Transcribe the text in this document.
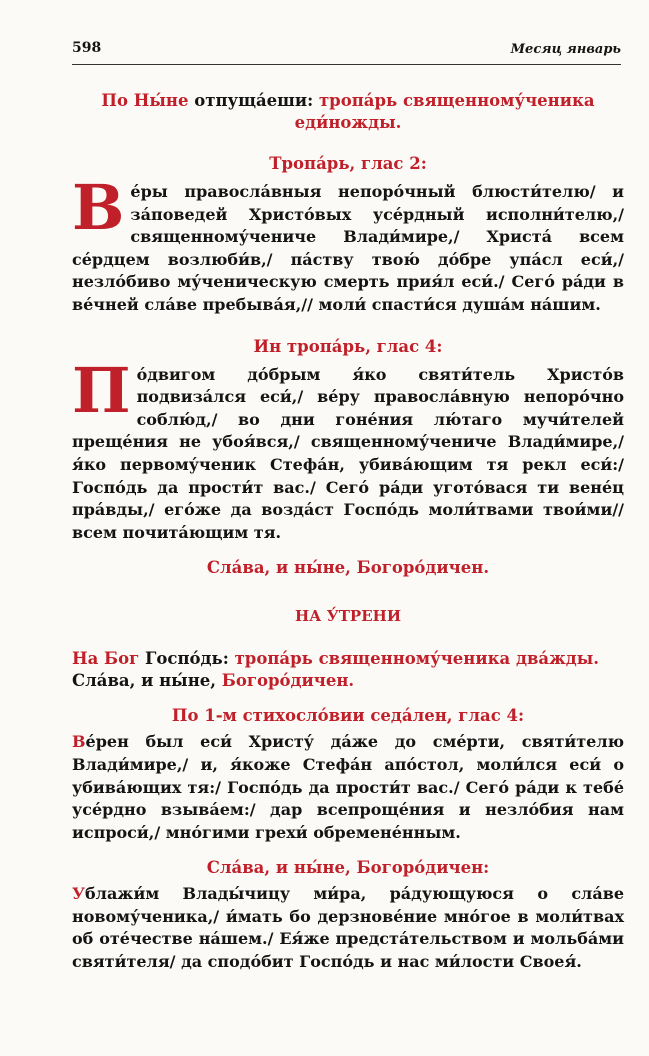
598	Месяц январь

По Ны́не отпуща́еши: тропа́рь священному́ченика еди́ножды.

Тропа́рь, глас 2:

Ве́ры правосла́вныя непоро́чный блюсти́телю/ и за́поведей Христо́вых усе́рдный исполни́телю,/ священному́чениче Влади́мире,/ Христа́ всем се́рдцем возлюби́в,/ па́ству твою́ до́бре упа́сл еси́,/ незло́биво му́ченическую смерть прия́л еси́./ Сего́ ра́ди в ве́чней сла́ве пребыва́я,// моли́ спасти́ся душа́м на́шим.

Ин тропа́рь, глас 4:

По́двигом до́брым я́ко святи́тель Христо́в подвиза́лся еси́,/ ве́ру правосла́вную непоро́чно соблю́д,/ во дни гоне́ния лю́таго мучи́телей преще́ния не убоя́вся,/ священному́чениче Влади́мире,/ я́ко первому́ченик Стефа́н, убива́ющим тя рекл еси́:/ Госпо́дь да прости́т вас./ Сего́ ра́ди угото́вася ти вене́ц пра́вды,/ его́же да возда́ст Госпо́дь моли́твами твои́ми// всем почита́ющим тя.

Сла́ва, и ны́не, Богоро́дичен.

НА У́ТРЕНИ

На Бог Госпо́дь: тропа́рь священному́ченика два́жды. Сла́ва, и ны́не, Богоро́дичен.

По 1-м стихосло́вии седа́лен, глас 4:

Ве́рен был еси́ Христу́ да́же до сме́рти, святи́телю Влади́мире,/ и, я́коже Стефа́н апо́стол, моли́лся еси́ о убива́ющих тя:/ Госпо́дь да прости́т вас./ Сего́ ра́ди к тебе́ усе́рдно взыва́ем:/ дар всепроще́ния и незло́бия нам испроси́,/ мно́гими грехи́ обремене́нным.

Сла́ва, и ны́не, Богоро́дичен:

Ублажи́м Влады́чицу ми́ра, ра́дующуюся о сла́ве новому́ченика,/ и́мать бо дерзнове́ние мно́гое в моли́твах об оте́честве на́шем./ Ея́же предста́тельством и мольба́ми святи́теля/ да сподо́бит Госпо́дь и нас ми́лости Своея́.
